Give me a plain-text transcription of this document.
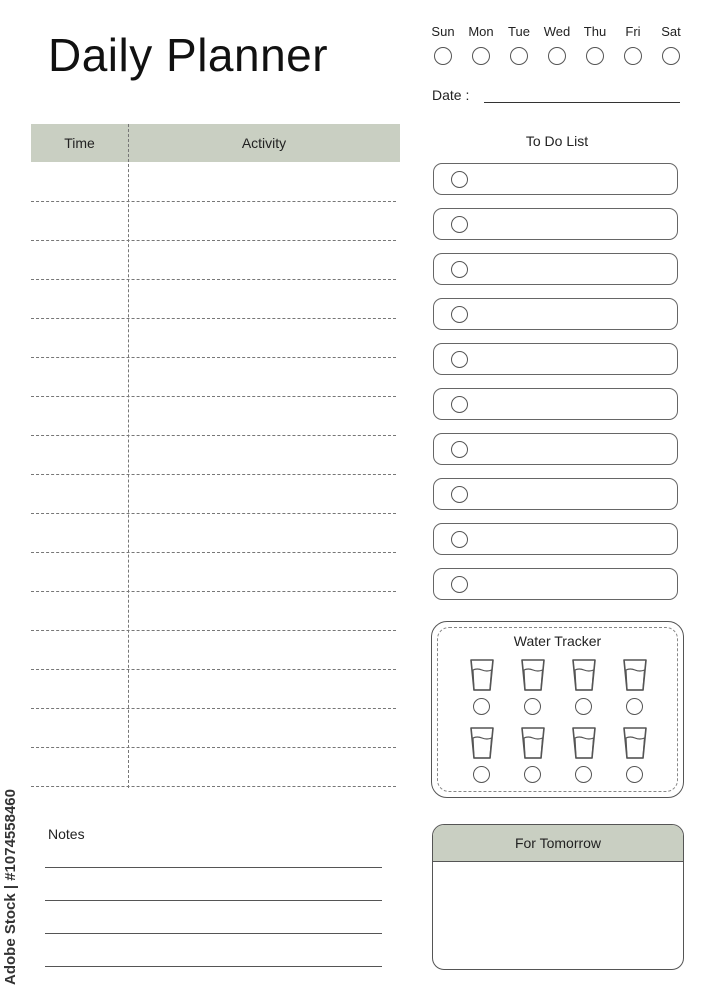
Daily Planner	Sun	Mon	Tue	Wed	Thu	Fri	Sat
Date :
Time	Activity	To Do List
Water Tracker
For Tomorrow
Notes
Adobe Stock | #1074558460
